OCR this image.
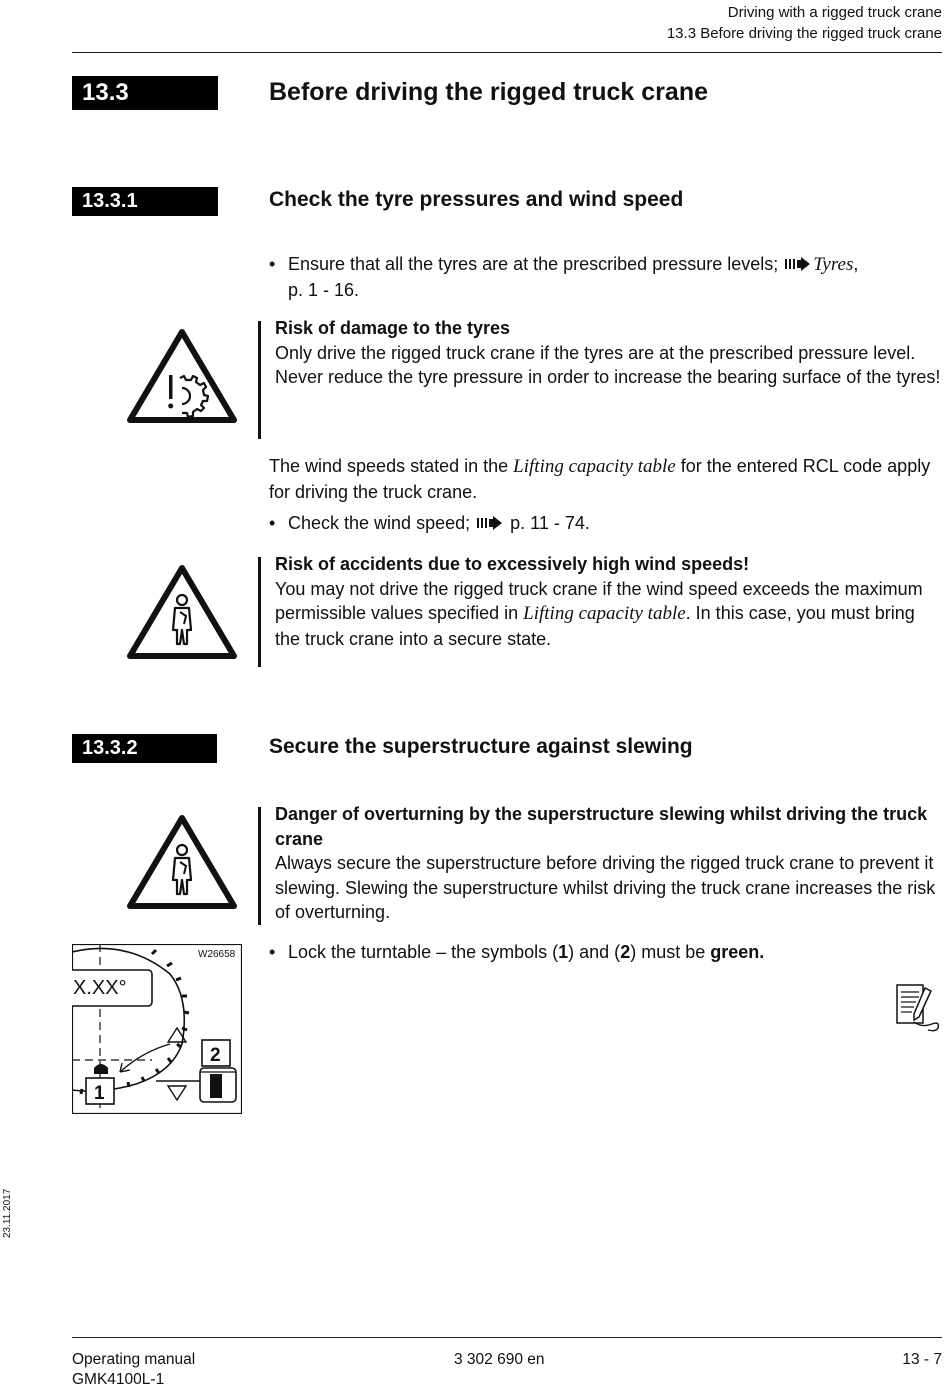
Driving with a rigged truck crane
13.3 Before driving the rigged truck crane
13.3	Before driving the rigged truck crane
13.3.1	Check the tyre pressures and wind speed
• Ensure that all the tyres are at the prescribed pressure levels; Tyres,
p. 1 - 16.
Risk of damage to the tyres
Only drive the rigged truck crane if the tyres are at the prescribed pressure level.
Never reduce the tyre pressure in order to increase the bearing surface of the tyres!
The wind speeds stated in the Lifting capacity table for the entered RCL code apply for driving the truck crane.
• Check the wind speed; p. 11 - 74.
Risk of accidents due to excessively high wind speeds!
You may not drive the rigged truck crane if the wind speed exceeds the maximum permissible values specified in Lifting capacity table. In this case, you must bring the truck crane into a secure state.
13.3.2	Secure the superstructure against slewing
Danger of overturning by the superstructure slewing whilst driving the truck crane
Always secure the superstructure before driving the rigged truck crane to prevent it slewing. Slewing the superstructure whilst driving the truck crane increases the risk of overturning.
W26658
X.XX°
1
2
• Lock the turntable – the symbols (1) and (2) must be green.
23.11.2017
Operating manual
GMK4100L-1
3 302 690 en	13 - 7
